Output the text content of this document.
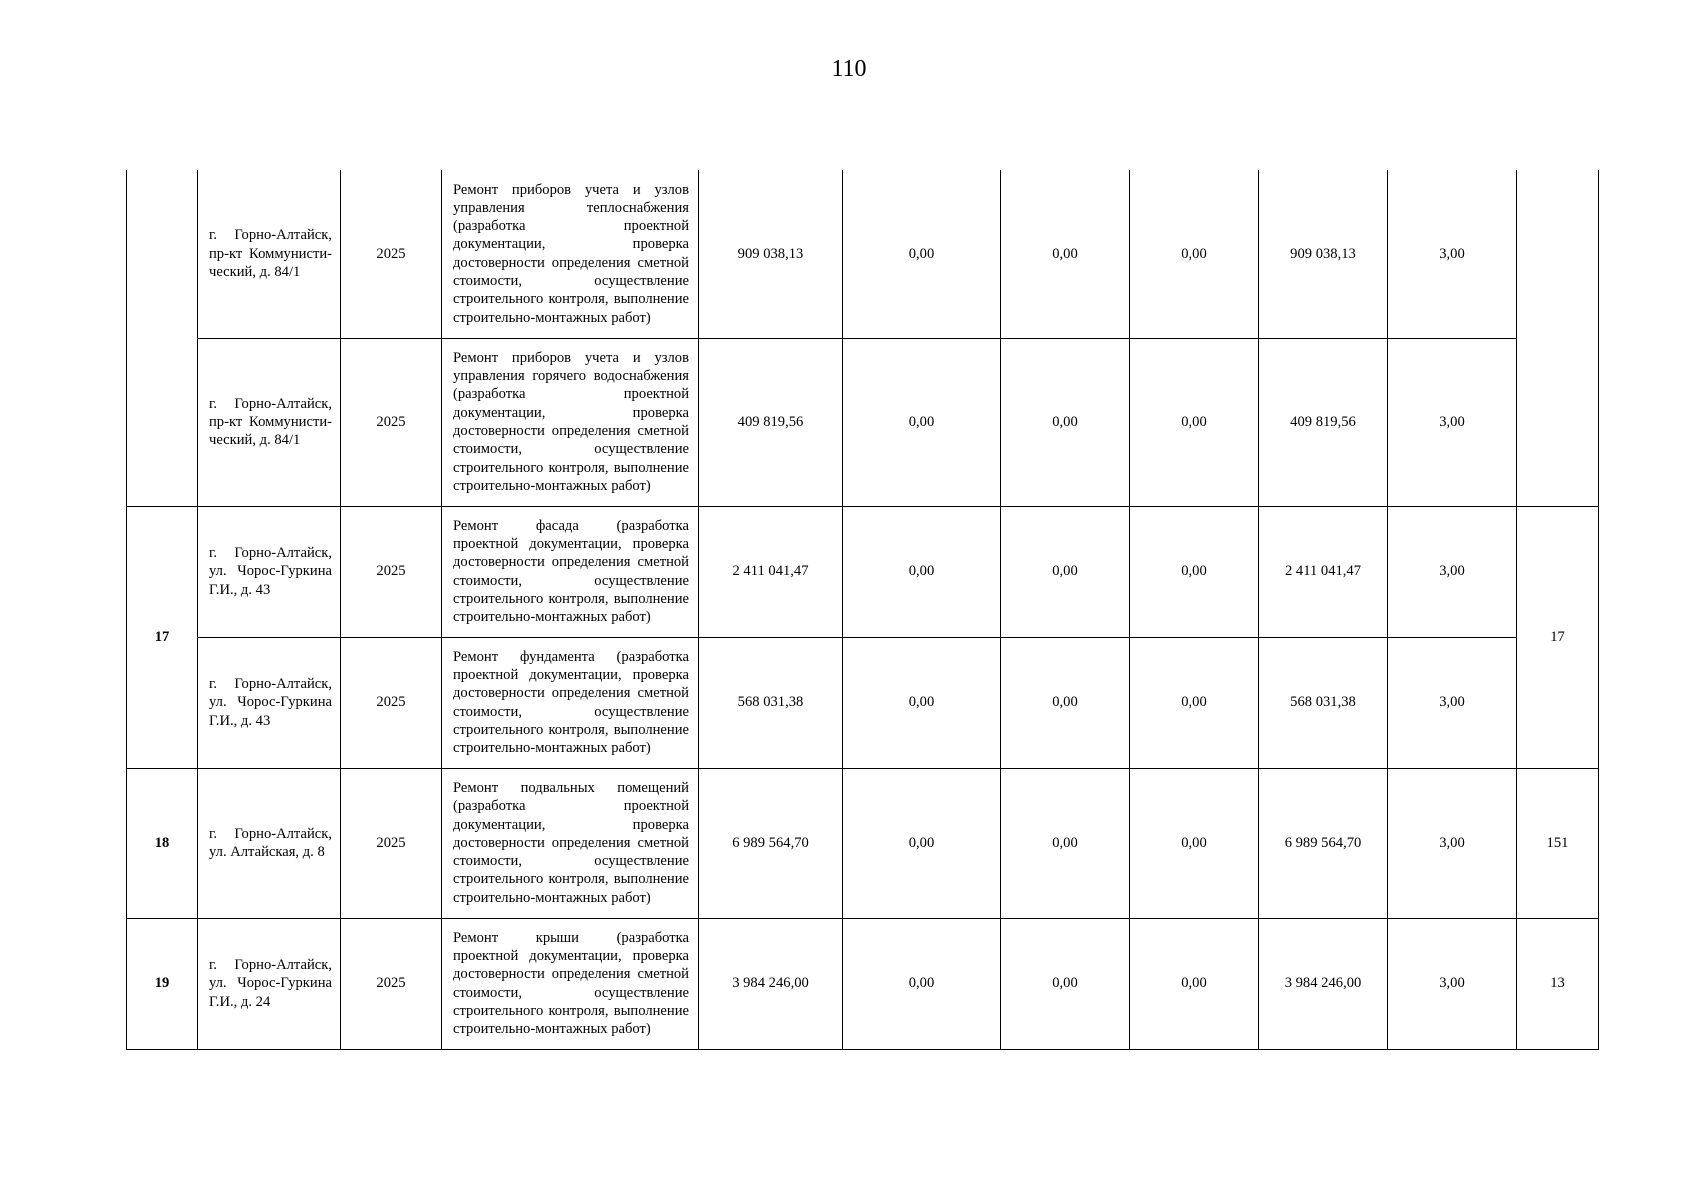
110
	г. Горно-Алтайск, пр-кт Коммунисти-ческий, д. 84/1	2025	Ремонт приборов учета и узлов управления теплоснабжения (разработка проектной документации, проверка достоверности определения сметной стоимости, осуществление строительного контроля, выполнение строительно-монтажных работ)	909 038,13	0,00	0,00	0,00	909 038,13	3,00	
	г. Горно-Алтайск, пр-кт Коммунисти-ческий, д. 84/1	2025	Ремонт приборов учета и узлов управления горячего водоснабжения (разработка проектной документации, проверка достоверности определения сметной стоимости, осуществление строительного контроля, выполнение строительно-монтажных работ)	409 819,56	0,00	0,00	0,00	409 819,56	3,00	
17	г. Горно-Алтайск, ул. Чорос-Гуркина Г.И., д. 43	2025	Ремонт фасада (разработка проектной документации, проверка достоверности определения сметной стоимости, осуществление строительного контроля, выполнение строительно-монтажных работ)	2 411 041,47	0,00	0,00	0,00	2 411 041,47	3,00	17
	г. Горно-Алтайск, ул. Чорос-Гуркина Г.И., д. 43	2025	Ремонт фундамента (разработка проектной документации, проверка достоверности определения сметной стоимости, осуществление строительного контроля, выполнение строительно-монтажных работ)	568 031,38	0,00	0,00	0,00	568 031,38	3,00	
18	г. Горно-Алтайск, ул. Алтайская, д. 8	2025	Ремонт подвальных помещений (разработка проектной документации, проверка достоверности определения сметной стоимости, осуществление строительного контроля, выполнение строительно-монтажных работ)	6 989 564,70	0,00	0,00	0,00	6 989 564,70	3,00	151
19	г. Горно-Алтайск, ул. Чорос-Гуркина Г.И., д. 24	2025	Ремонт крыши (разработка проектной документации, проверка достоверности определения сметной стоимости, осуществление строительного контроля, выполнение строительно-монтажных работ)	3 984 246,00	0,00	0,00	0,00	3 984 246,00	3,00	13
